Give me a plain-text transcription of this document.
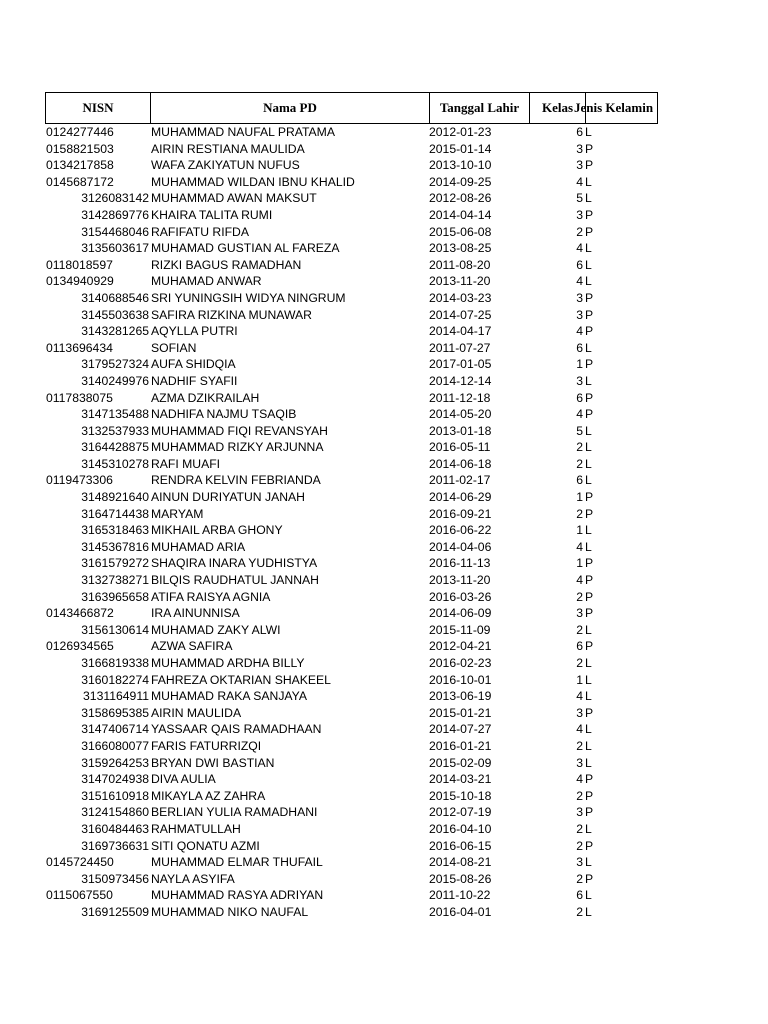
NISN	Nama PD	Tanggal Lahir	Kelas Jenis Kelamin
0124277446	MUHAMMAD NAUFAL PRATAMA	2012-01-23	6 L
0158821503	AIRIN RESTIANA MAULIDA	2015-01-14	3 P
0134217858	WAFA ZAKIYATUN NUFUS	2013-10-10	3 P
0145687172	MUHAMMAD WILDAN IBNU KHALID	2014-09-25	4 L
3126083142 MUHAMMAD AWAN MAKSUT	2012-08-26	5 L
3142869776 KHAIRA TALITA RUMI	2014-04-14	3 P
3154468046 RAFIFATU RIFDA	2015-06-08	2 P
3135603617 MUHAMAD GUSTIAN AL FAREZA	2013-08-25	4 L
0118018597	RIZKI BAGUS RAMADHAN	2011-08-20	6 L
0134940929	MUHAMAD ANWAR	2013-11-20	4 L
3140688546 SRI YUNINGSIH WIDYA NINGRUM	2014-03-23	3 P
3145503638 SAFIRA RIZKINA MUNAWAR	2014-07-25	3 P
3143281265 AQYLLA PUTRI	2014-04-17	4 P
0113696434	SOFIAN	2011-07-27	6 L
3179527324 AUFA SHIDQIA	2017-01-05	1 P
3140249976 NADHIF SYAFII	2014-12-14	3 L
0117838075	AZMA DZIKRAILAH	2011-12-18	6 P
3147135488 NADHIFA NAJMU TSAQIB	2014-05-20	4 P
3132537933 MUHAMMAD FIQI REVANSYAH	2013-01-18	5 L
3164428875 MUHAMMAD RIZKY ARJUNNA	2016-05-11	2 L
3145310278 RAFI MUAFI	2014-06-18	2 L
0119473306	RENDRA KELVIN FEBRIANDA	2011-02-17	6 L
3148921640 AINUN DURIYATUN JANAH	2014-06-29	1 P
3164714438 MARYAM	2016-09-21	2 P
3165318463 MIKHAIL ARBA GHONY	2016-06-22	1 L
3145367816 MUHAMAD ARIA	2014-04-06	4 L
3161579272 SHAQIRA INARA YUDHISTYA	2016-11-13	1 P
3132738271 BILQIS RAUDHATUL JANNAH	2013-11-20	4 P
3163965658 ATIFA RAISYA AGNIA	2016-03-26	2 P
0143466872	IRA AINUNNISA	2014-06-09	3 P
3156130614 MUHAMAD ZAKY ALWI	2015-11-09	2 L
0126934565	AZWA SAFIRA	2012-04-21	6 P
3166819338 MUHAMMAD ARDHA BILLY	2016-02-23	2 L
3160182274 FAHREZA OKTARIAN SHAKEEL	2016-10-01	1 L
3131164911 MUHAMAD RAKA SANJAYA	2013-06-19	4 L
3158695385 AIRIN MAULIDA	2015-01-21	3 P
3147406714 YASSAAR QAIS RAMADHAAN	2014-07-27	4 L
3166080077 FARIS FATURRIZQI	2016-01-21	2 L
3159264253 BRYAN DWI BASTIAN	2015-02-09	3 L
3147024938 DIVA AULIA	2014-03-21	4 P
3151610918 MIKAYLA AZ ZAHRA	2015-10-18	2 P
3124154860 BERLIAN YULIA RAMADHANI	2012-07-19	3 P
3160484463 RAHMATULLAH	2016-04-10	2 L
3169736631 SITI QONATU AZMI	2016-06-15	2 P
0145724450	MUHAMMAD ELMAR THUFAIL	2014-08-21	3 L
3150973456 NAYLA ASYIFA	2015-08-26	2 P
0115067550	MUHAMMAD RASYA ADRIYAN	2011-10-22	6 L
3169125509 MUHAMMAD NIKO NAUFAL	2016-04-01	2 L
